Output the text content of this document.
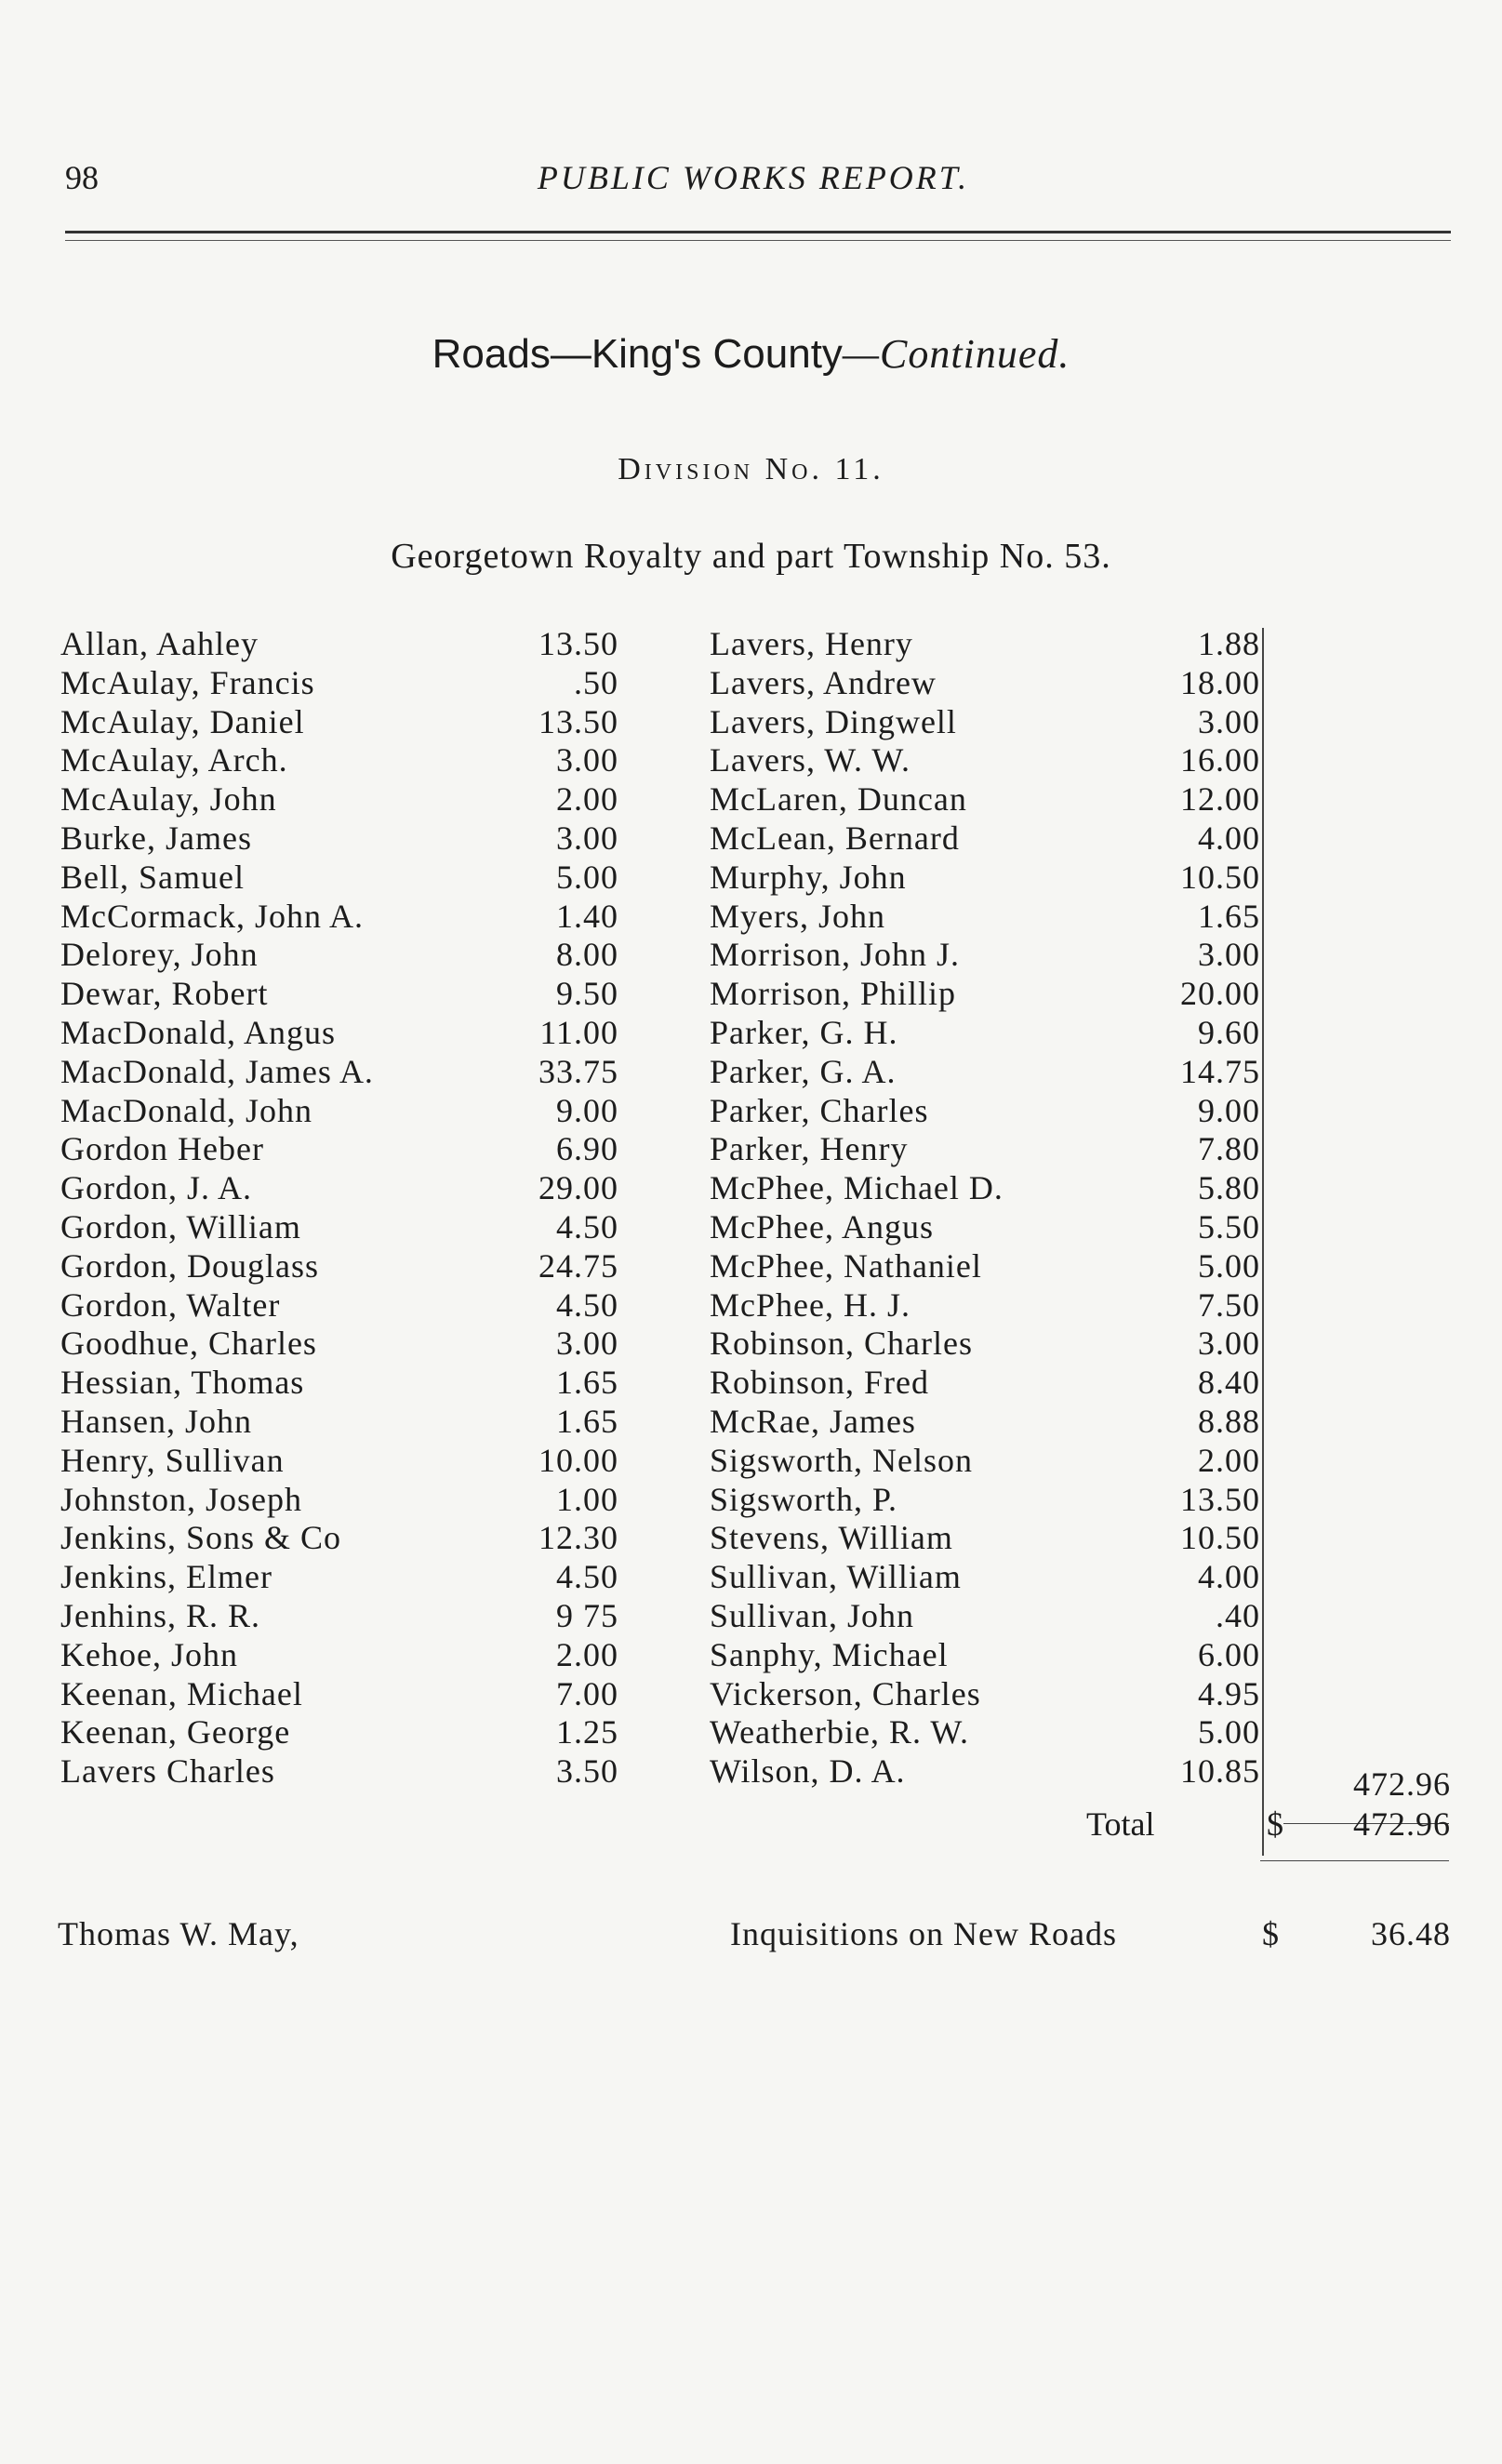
98	PUBLIC WORKS REPORT.
Roads—King's County—Continued.
Division No. 11.
Georgetown Royalty and part Township No. 53.
Allan, Aahley	13.50	Lavers, Henry	1.88
McAulay, Francis	.50	Lavers, Andrew	18.00
McAulay, Daniel	13.50	Lavers, Dingwell	3.00
McAulay, Arch.	3.00	Lavers, W. W.	16.00
McAulay, John	2.00	McLaren, Duncan	12.00
Burke, James	3.00	McLean, Bernard	4.00
Bell, Samuel	5.00	Murphy, John	10.50
McCormack, John A.	1.40	Myers, John	1.65
Delorey, John	8.00	Morrison, John J.	3.00
Dewar, Robert	9.50	Morrison, Phillip	20.00
MacDonald, Angus	11.00	Parker, G. H.	9.60
MacDonald, James A.	33.75	Parker, G. A.	14.75
MacDonald, John	9.00	Parker, Charles	9.00
Gordon Heber	6.90	Parker, Henry	7.80
Gordon, J. A.	29.00	McPhee, Michael D.	5.80
Gordon, William	4.50	McPhee, Angus	5.50
Gordon, Douglass	24.75	McPhee, Nathaniel	5.00
Gordon, Walter	4.50	McPhee, H. J.	7.50
Goodhue, Charles	3.00	Robinson, Charles	3.00
Hessian, Thomas	1.65	Robinson, Fred	8.40
Hansen, John	1.65	McRae, James	8.88
Henry, Sullivan	10.00	Sigsworth, Nelson	2.00
Johnston, Joseph	1.00	Sigsworth, P.	13.50
Jenkins, Sons & Co	12.30	Stevens, William	10.50
Jenkins, Elmer	4.50	Sullivan, William	4.00
Jenhins, R. R.	9 75	Sullivan, John	.40
Kehoe, John	2.00	Sanphy, Michael	6.00
Keenan, Michael	7.00	Vickerson, Charles	4.95
Keenan, George	1.25	Weatherbie, R. W.	5.00
Lavers Charles	3.50	Wilson, D. A.	10.85	472.96
Total	$ 472.96
Thomas W. May,	Inquisitions on New Roads	$	36.48
